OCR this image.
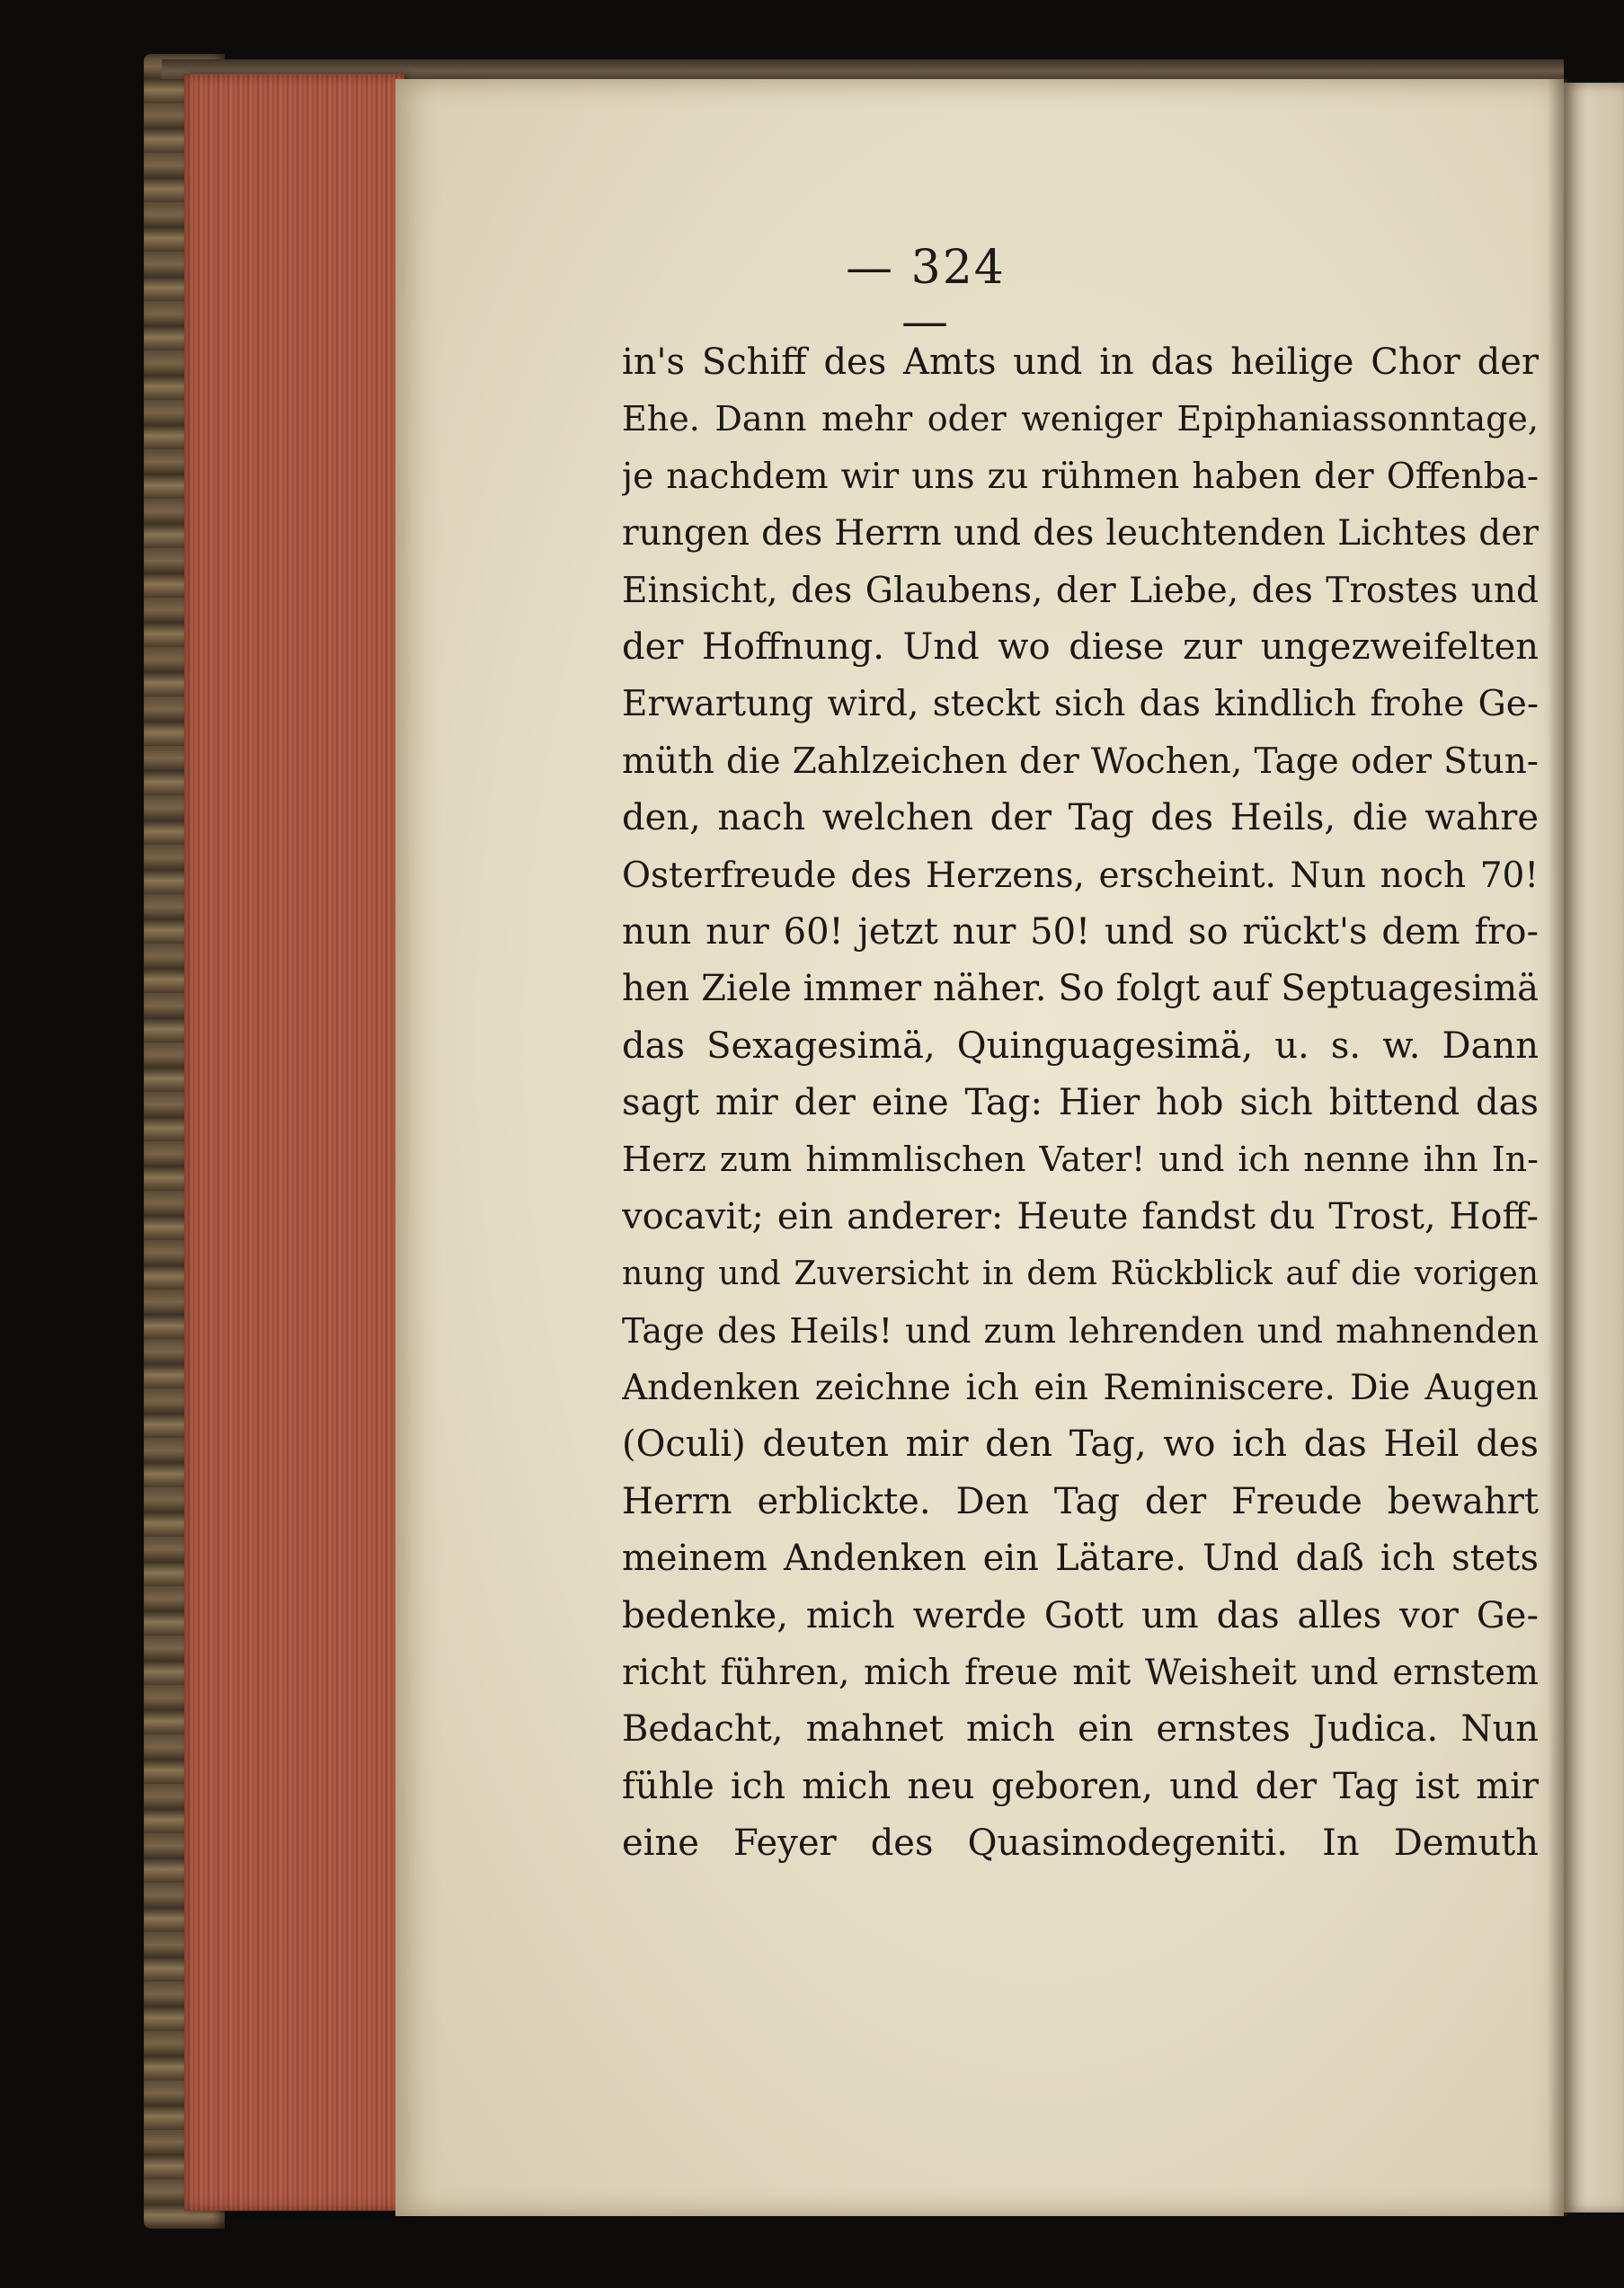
— 324 —
in's Schiff des Amts und in das heilige Chor der
Ehe. Dann mehr oder weniger Epiphaniassonntage,
je nachdem wir uns zu rühmen haben der Offenba-
rungen des Herrn und des leuchtenden Lichtes der
Einsicht, des Glaubens, der Liebe, des Trostes und
der Hoffnung. Und wo diese zur ungezweifelten
Erwartung wird, steckt sich das kindlich frohe Ge-
müth die Zahlzeichen der Wochen, Tage oder Stun-
den, nach welchen der Tag des Heils, die wahre
Osterfreude des Herzens, erscheint. Nun noch 70!
nun nur 60! jetzt nur 50! und so rückt's dem fro-
hen Ziele immer näher. So folgt auf Septuagesimä
das Sexagesimä, Quinguagesimä, u. s. w. Dann
sagt mir der eine Tag: Hier hob sich bittend das
Herz zum himmlischen Vater! und ich nenne ihn In-
vocavit; ein anderer: Heute fandst du Trost, Hoff-
nung und Zuversicht in dem Rückblick auf die vorigen
Tage des Heils! und zum lehrenden und mahnenden
Andenken zeichne ich ein Reminiscere. Die Augen
(Oculi) deuten mir den Tag, wo ich das Heil des
Herrn erblickte. Den Tag der Freude bewahrt
meinem Andenken ein Lätare. Und daß ich stets
bedenke, mich werde Gott um das alles vor Ge-
richt führen, mich freue mit Weisheit und ernstem
Bedacht, mahnet mich ein ernstes Judica. Nun
fühle ich mich neu geboren, und der Tag ist mir
eine Feyer des Quasimodegeniti. In Demuth
